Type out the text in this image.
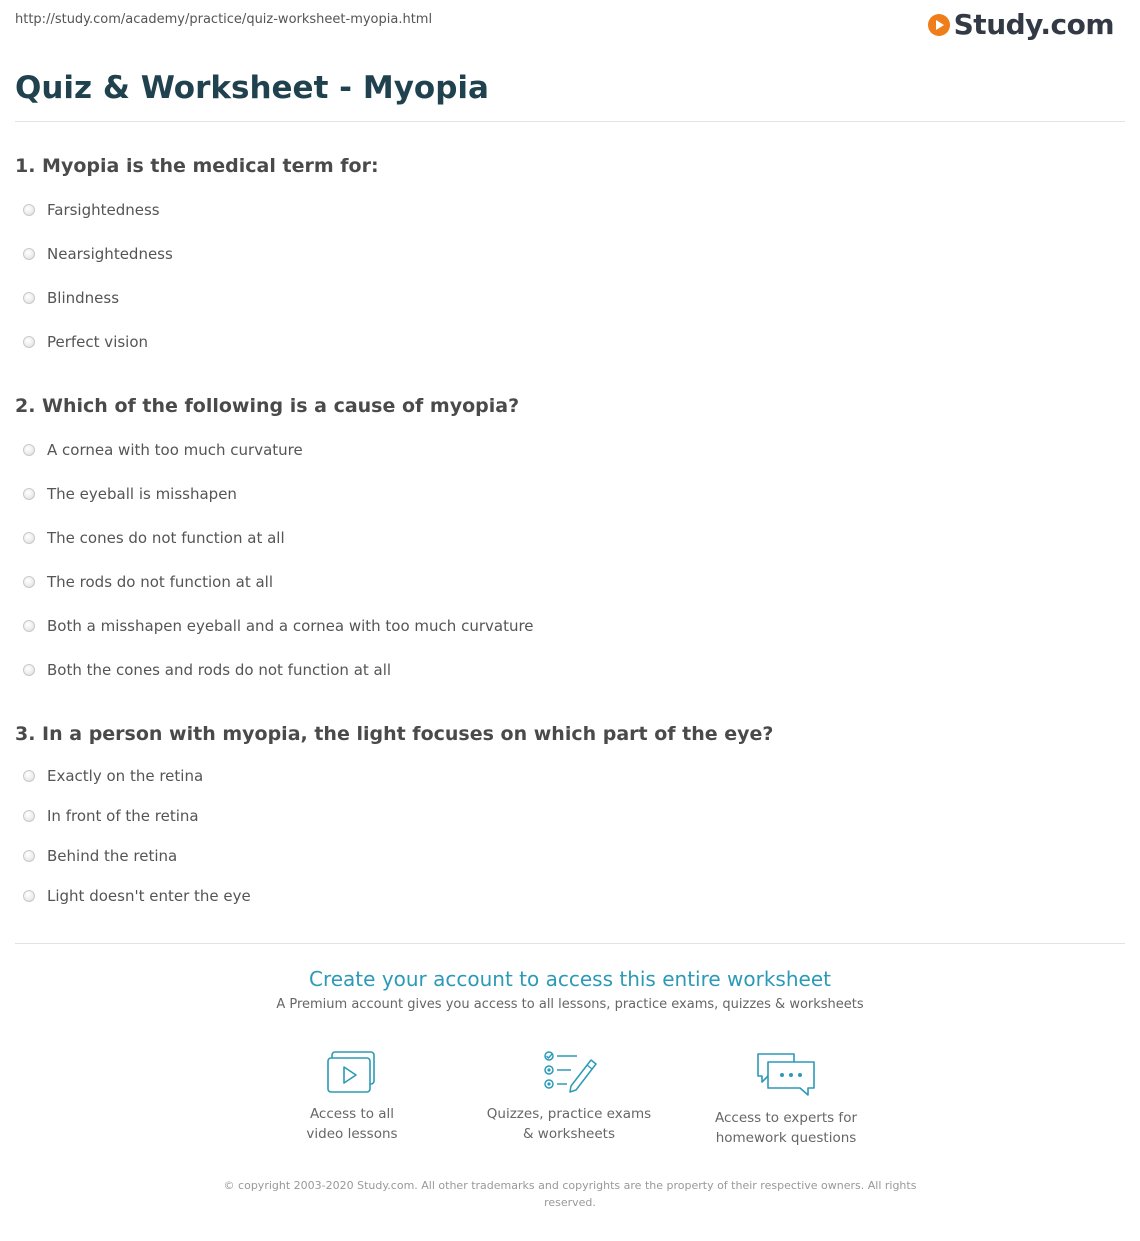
http://study.com/academy/practice/quiz-worksheet-myopia.html	Study.com
Quiz & Worksheet - Myopia
1. Myopia is the medical term for:
Farsightedness
Nearsightedness
Blindness
Perfect vision
2. Which of the following is a cause of myopia?
A cornea with too much curvature
The eyeball is misshapen
The cones do not function at all
The rods do not function at all
Both a misshapen eyeball and a cornea with too much curvature
Both the cones and rods do not function at all
3. In a person with myopia, the light focuses on which part of the eye?
Exactly on the retina
In front of the retina
Behind the retina
Light doesn't enter the eye
Create your account to access this entire worksheet
A Premium account gives you access to all lessons, practice exams, quizzes & worksheets
Access to all
video lessons
Quizzes, practice exams
& worksheets
Access to experts for
homework questions
© copyright 2003-2020 Study.com. All other trademarks and copyrights are the property of their respective owners. All rights reserved.
